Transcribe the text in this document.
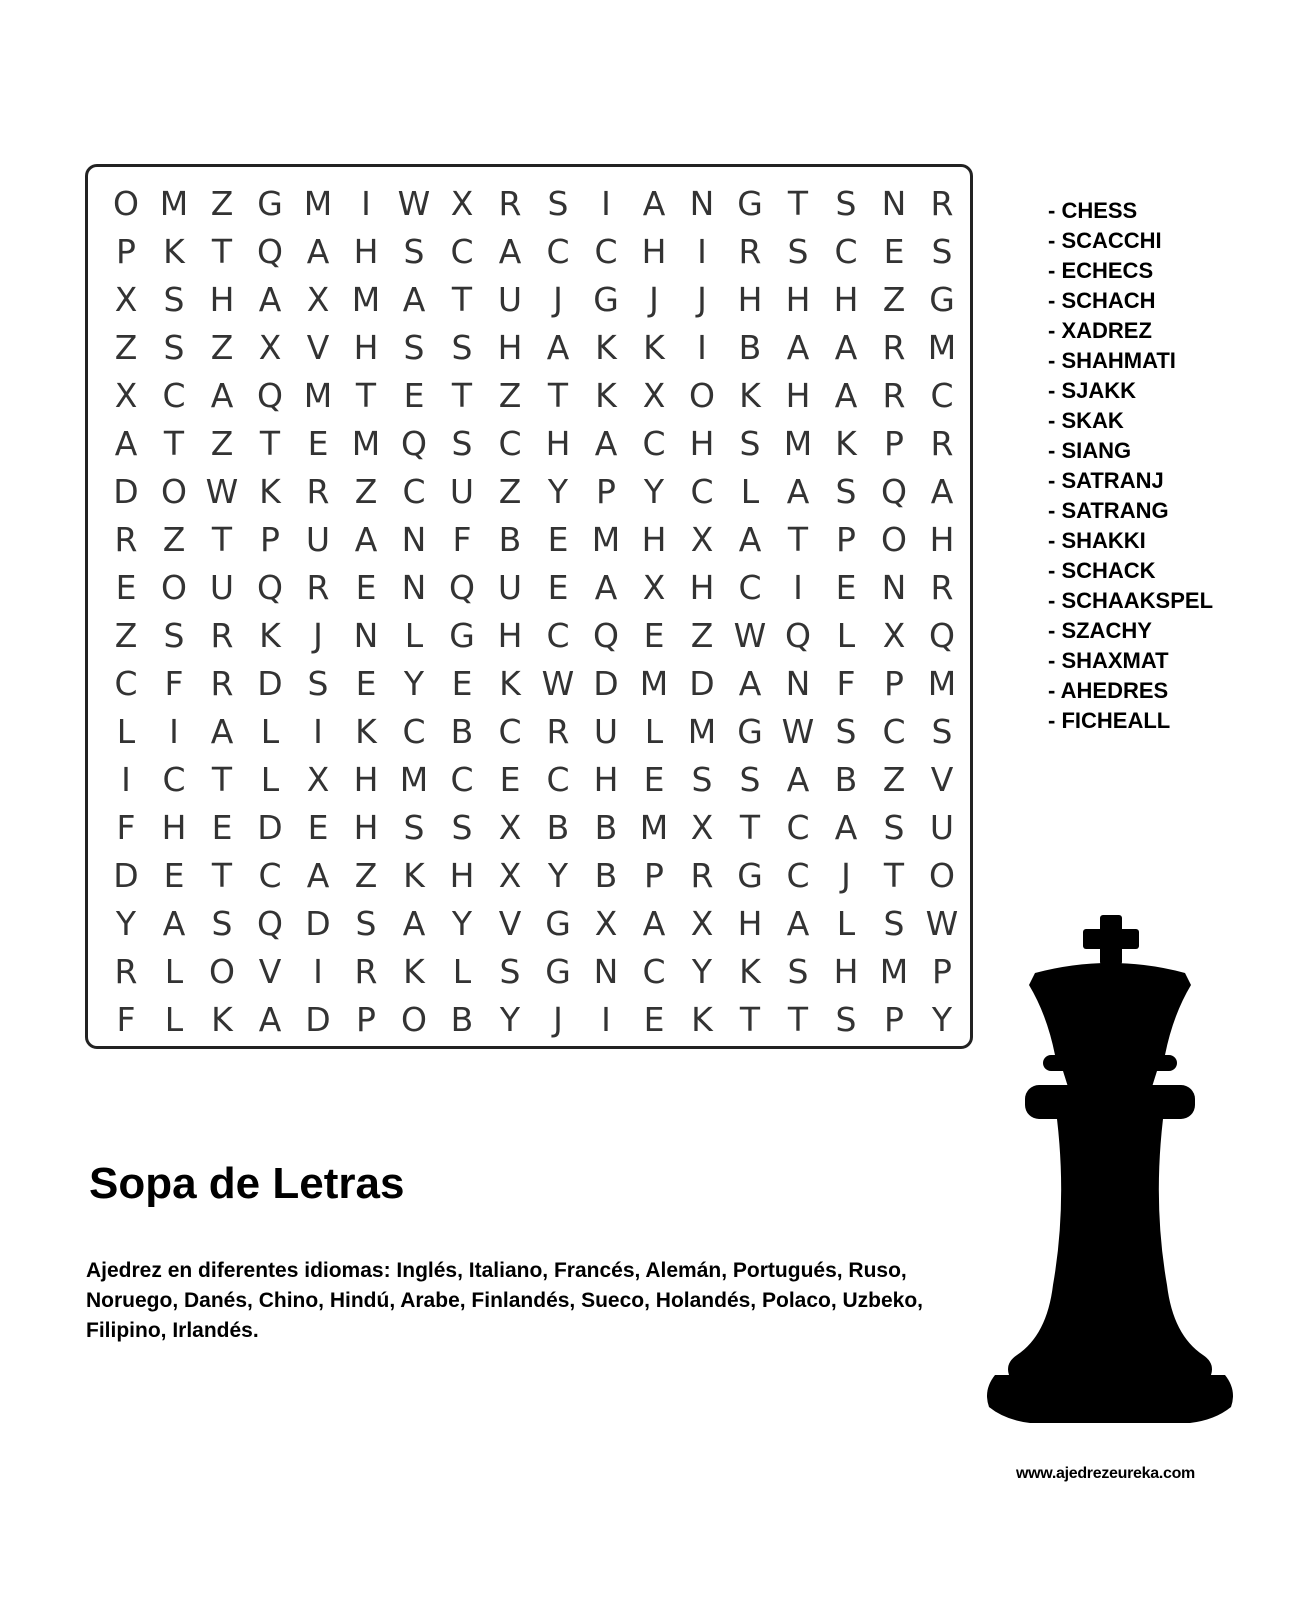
O M Z G M I W X R S I A N G T S N R
P K T Q A H S C A C C H I R S C E S
X S H A X M A T U J G J	J H H H Z G
Z S Z X V H S S H A K K I B A A R M
X C A Q M T E T Z T K X O K H A R C
A T Z T E M Q S C H A C H S M K P R
D O W K R Z C U Z Y P Y C L A S Q A
R Z T P U A N F B E M H X A T P O H
E O U Q R E N Q U E A X H C I E N R
Z S R K J N L G H C Q E Z W Q L X Q
C F R D S E Y E K W D M D A N F P M
L	I A L	I K C B C R U L M G W S C S
I C T L X H M C E C H E S S A B Z V
F H E D E H S S X B B M X T C A S U
D E T C A Z K H X Y B P R G C J	T O
Y A S Q D S A Y V G X A X H A L S W
R L O V I R K L S G N C Y K S H M P
F L K A D P O B Y	J	I E K T T S P Y
- CHESS
- SCACCHI
- ECHECS
- SCHACH
- XADREZ
- SHAHMATI
- SJAKK
- SKAK
- SIANG
- SATRANJ
- SATRANG
- SHAKKI
- SCHACK
- SCHAAKSPEL
- SZACHY
- SHAXMAT
- AHEDRES
- FICHEALL
Sopa de Letras

Ajedrez en diferentes idiomas: Inglés, Italiano, Francés, Alemán, Portugués, Ruso, Noruego, Danés, Chino, Hindú, Arabe, Finlandés, Sueco, Holandés, Polaco, Uzbeko, Filipino, Irlandés.

www.ajedrezeureka.com
